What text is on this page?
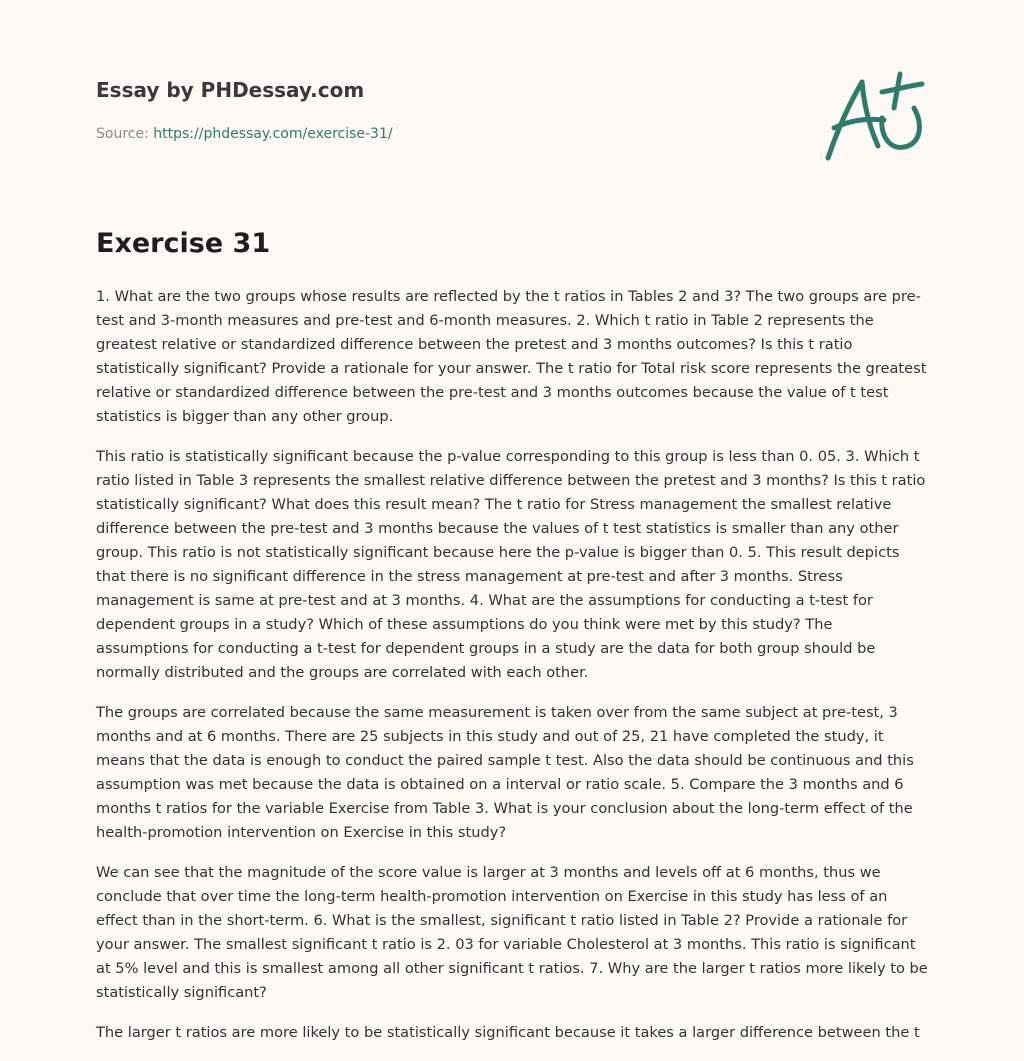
Essay by PHDessay.com
Source: https://phdessay.com/exercise-31/
Exercise 31

1. What are the two groups whose results are reflected by the t ratios in Tables 2 and 3? The two groups are pre-test and 3-month measures and pre-test and 6-month measures. 2. Which t ratio in Table 2 represents the greatest relative or standardized difference between the pretest and 3 months outcomes? Is this t ratio statistically significant? Provide a rationale for your answer. The t ratio for Total risk score represents the greatest relative or standardized difference between the pre-test and 3 months outcomes because the value of t test statistics is bigger than any other group.

This ratio is statistically significant because the p-value corresponding to this group is less than 0. 05. 3. Which t ratio listed in Table 3 represents the smallest relative difference between the pretest and 3 months? Is this t ratio statistically significant? What does this result mean? The t ratio for Stress management the smallest relative difference between the pre-test and 3 months because the values of t test statistics is smaller than any other group. This ratio is not statistically significant because here the p-value is bigger than 0. 5. This result depicts that there is no significant difference in the stress management at pre-test and after 3 months. Stress management is same at pre-test and at 3 months. 4. What are the assumptions for conducting a t-test for dependent groups in a study? Which of these assumptions do you think were met by this study? The assumptions for conducting a t-test for dependent groups in a study are the data for both group should be normally distributed and the groups are correlated with each other.

The groups are correlated because the same measurement is taken over from the same subject at pre-test, 3 months and at 6 months. There are 25 subjects in this study and out of 25, 21 have completed the study, it means that the data is enough to conduct the paired sample t test. Also the data should be continuous and this assumption was met because the data is obtained on a interval or ratio scale. 5. Compare the 3 months and 6 months t ratios for the variable Exercise from Table 3. What is your conclusion about the long-term effect of the health-promotion intervention on Exercise in this study?

We can see that the magnitude of the score value is larger at 3 months and levels off at 6 months, thus we conclude that over time the long-term health-promotion intervention on Exercise in this study has less of an effect than in the short-term. 6. What is the smallest, significant t ratio listed in Table 2? Provide a rationale for your answer. The smallest significant t ratio is 2. 03 for variable Cholesterol at 3 months. This ratio is significant at 5% level and this is smallest among all other significant t ratios. 7. Why are the larger t ratios more likely to be statistically significant?

The larger t ratios are more likely to be statistically significant because it takes a larger difference between the t
